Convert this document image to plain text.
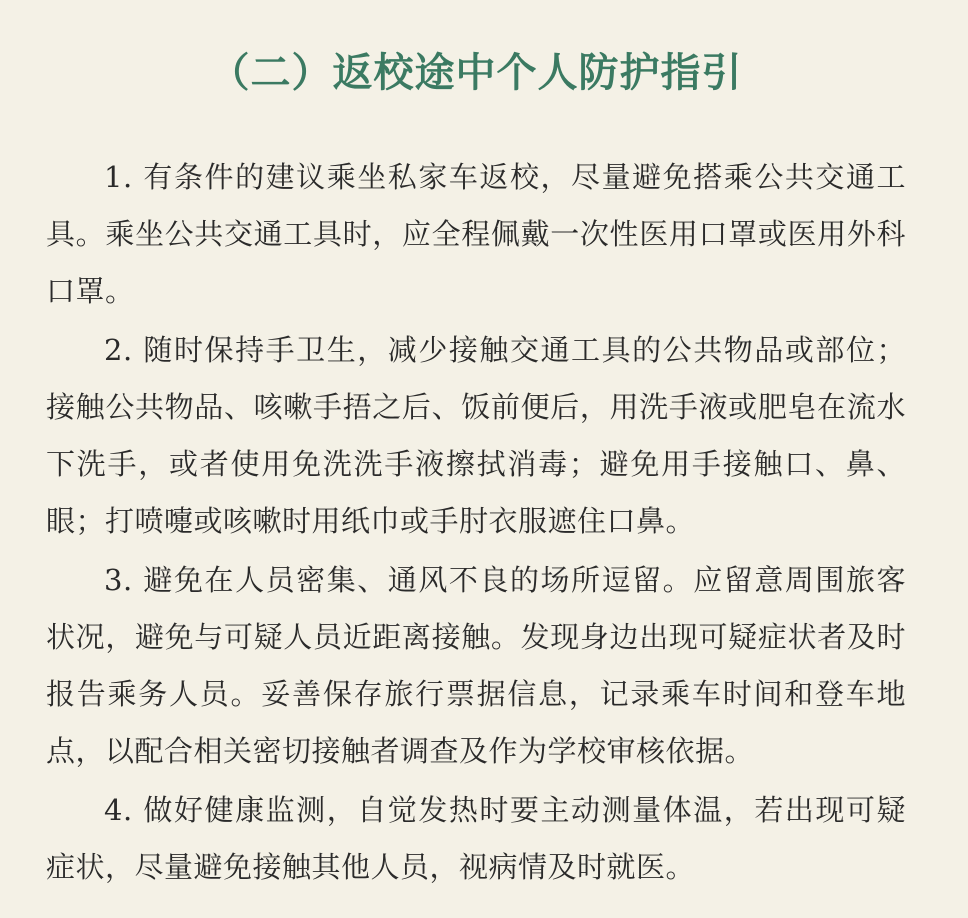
（二）返校途中个人防护指引

1. 有条件的建议乘坐私家车返校，尽量避免搭乘公共交通工具。乘坐公共交通工具时，应全程佩戴一次性医用口罩或医用外科口罩。

2. 随时保持手卫生，减少接触交通工具的公共物品或部位；接触公共物品、咳嗽手捂之后、饭前便后，用洗手液或肥皂在流水下洗手，或者使用免洗洗手液擦拭消毒；避免用手接触口、鼻、眼；打喷嚏或咳嗽时用纸巾或手肘衣服遮住口鼻。

3. 避免在人员密集、通风不良的场所逗留。应留意周围旅客状况，避免与可疑人员近距离接触。发现身边出现可疑症状者及时报告乘务人员。妥善保存旅行票据信息，记录乘车时间和登车地点，以配合相关密切接触者调查及作为学校审核依据。

4. 做好健康监测，自觉发热时要主动测量体温，若出现可疑症状，尽量避免接触其他人员，视病情及时就医。
